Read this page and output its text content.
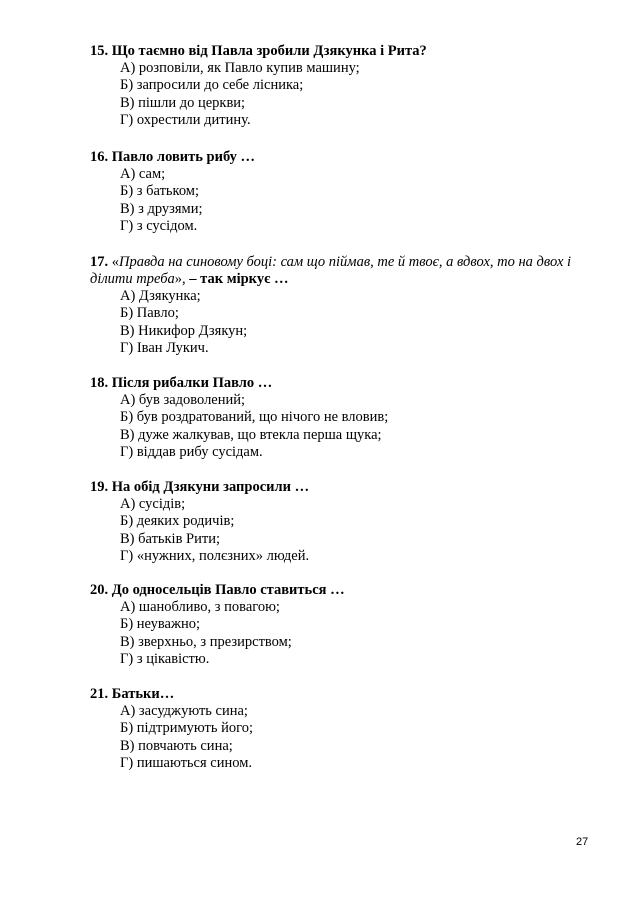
15. Що таємно від Павла зробили Дзякунка і Рита?

А) розповіли, як Павло купив машину;
Б) запросили до себе лісника;
В) пішли до церкви;
Г) охрестили дитину.

16. Павло ловить рибу …

А) сам;
Б) з батьком;
В) з друзями;
Г) з сусідом.

17. «Правда на синовому боці: сам що піймав, те й твоє, а вдвох, то на двох і
ділити треба», – так міркує …

А) Дзякунка;
Б) Павло;
В) Никифор Дзякун;
Г) Іван Лукич.

18. Після рибалки Павло …

А) був задоволений;
Б) був роздратований, що нічого не вловив;
В) дуже жалкував, що втекла перша щука;
Г) віддав рибу сусідам.

19. На обід Дзякуни запросили …

А) сусідів;
Б) деяких родичів;
В) батьків Рити;
Г) «нужних, полєзних» людей.

20. До односельців Павло ставиться …

А) шанобливо, з повагою;
Б) неуважно;
В) зверхньо, з презирством;
Г) з цікавістю.

21. Батьки…

А) засуджують сина;
Б) підтримують його;
В) повчають сина;
Г) пишаються сином.
27
